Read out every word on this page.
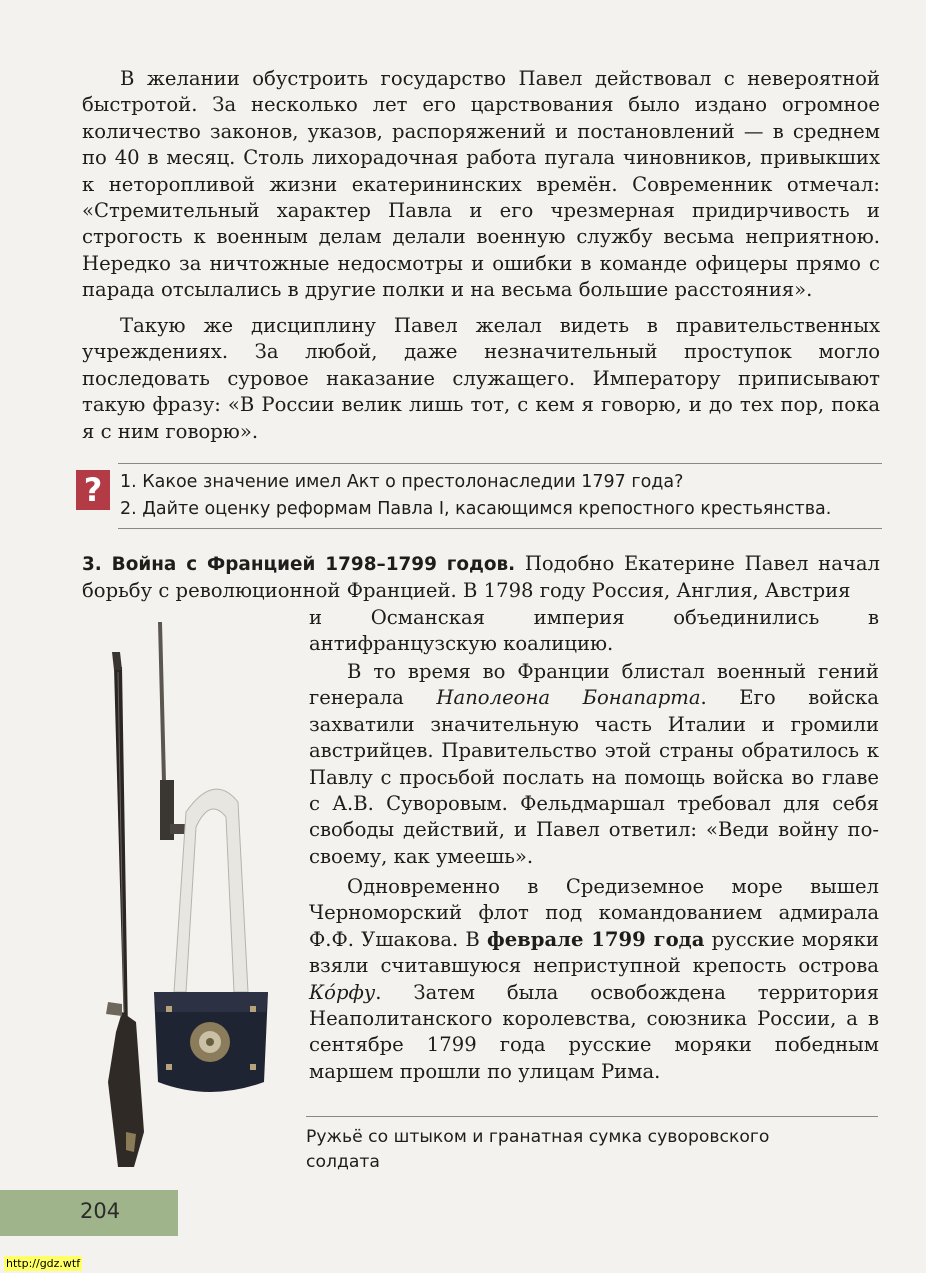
В желании обустроить государство Павел действовал с невероятной быстротой. За несколько лет его царствования было издано огромное количество законов, указов, распоряжений и постановлений — в среднем по 40 в месяц. Столь лихорадочная работа пугала чиновников, привыкших к неторопливой жизни екатерининских времён. Современник отмечал: «Стремительный характер Павла и его чрезмерная придирчивость и строгость к военным делам делали военную службу весьма неприятною. Нередко за ничтожные недосмотры и ошибки в команде офицеры прямо с парада отсылались в другие полки и на весьма большие расстояния».

Такую же дисциплину Павел желал видеть в правительственных учреждениях. За любой, даже незначительный проступок могло последовать суровое наказание служащего. Императору приписывают такую фразу: «В России велик лишь тот, с кем я говорю, и до тех пор, пока я с ним говорю».

?	1. Какое значение имел Акт о престолонаследии 1797 года?
2. Дайте оценку реформам Павла I, касающимся крепостного крестьянства.

3. Война с Францией 1798–1799 годов. Подобно Екатерине Павел начал борьбу с революционной Францией. В 1798 году Россия, Англия, Австрия

и Османская империя объединились в антифранцузскую коалицию.

В то время во Франции блистал военный гений генерала Наполеона Бонапарта. Его войска захватили значительную часть Италии и громили австрийцев. Правительство этой страны обратилось к Павлу с просьбой послать на помощь войска во главе с А.В. Суворовым. Фельдмаршал требовал для себя свободы действий, и Павел ответил: «Веди войну по-своему, как умеешь».

Одновременно в Средиземное море вышел Черноморский флот под командованием адмирала Ф.Ф. Ушакова. В феврале 1799 года русские моряки взяли считавшуюся неприступной крепость острова Ко́рфу. Затем была освобождена территория Неаполитанского королевства, союзника России, а в сентябре 1799 года русские моряки победным маршем прошли по улицам Рима.

Ружьё со штыком и гранатная сумка суворовского солдата
204
http://gdz.wtf
